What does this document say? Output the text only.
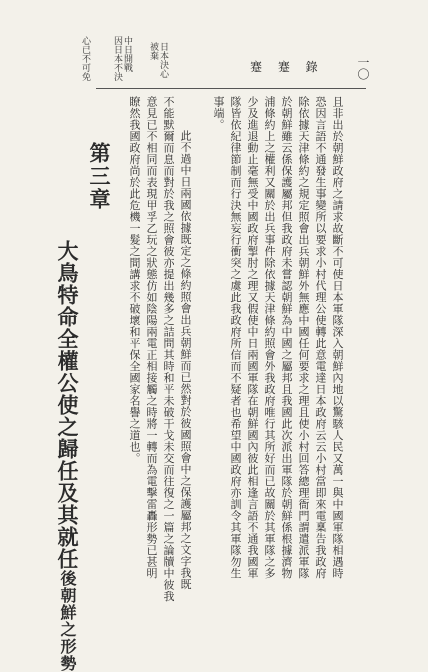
蹇 蹇 錄	一〇
日本決心
被棄
中日開戰
因日本不決
心已不可免
且非出於朝鮮政府之請求故斷不可使日本軍隊深入朝鮮內地以驚駭人民又萬一與中國軍隊相遇時
恐因言語不通發生事變所以要求小村代理公使轉此意電達日本政府云云小村當即來電稟告我政府
除依據天津條約之規定照會出兵朝鮮外無應中國任何要求之理且使小村回答總理衙門謂遣派軍隊
於朝鮮雖云係保護屬邦但我政府未嘗認朝鮮為中國之屬邦且我國此次派出軍隊於朝鮮係根據濟物
浦條約上之權利又關於出兵事件除依據天津條約照會外我政府唯行其所好而已故關於其軍隊之多
少及進退動止毫無受中國政府掣肘之理又假使中日兩國軍隊在朝鮮國內彼此相逢言語不通我國軍
隊皆依紀律節制而行決無妄行衝突之虞此我政府所信而不疑者也希望中國政府亦訓令其軍隊勿生
事端。
此不過中日兩國依據既定之條約照會出兵朝鮮而已然對於彼國照會中之保護屬邦之文字我既
不能默爾而息而對於我之照會彼亦提出幾多之詰問其時和平未破干戈未交而往復之一篇之論牘中彼我
意見已不相同而表現甲孚乙玩之狀態仿如陰陽兩電正相接觸之時將一轉而為電擊雷轟形勢已甚明
瞭然我國政府尚於此危機一髮之間講求不破壞和平保全國家名譽之道也。
第三章
大鳥特命全權公使之歸任及其就任後朝鮮之形勢
